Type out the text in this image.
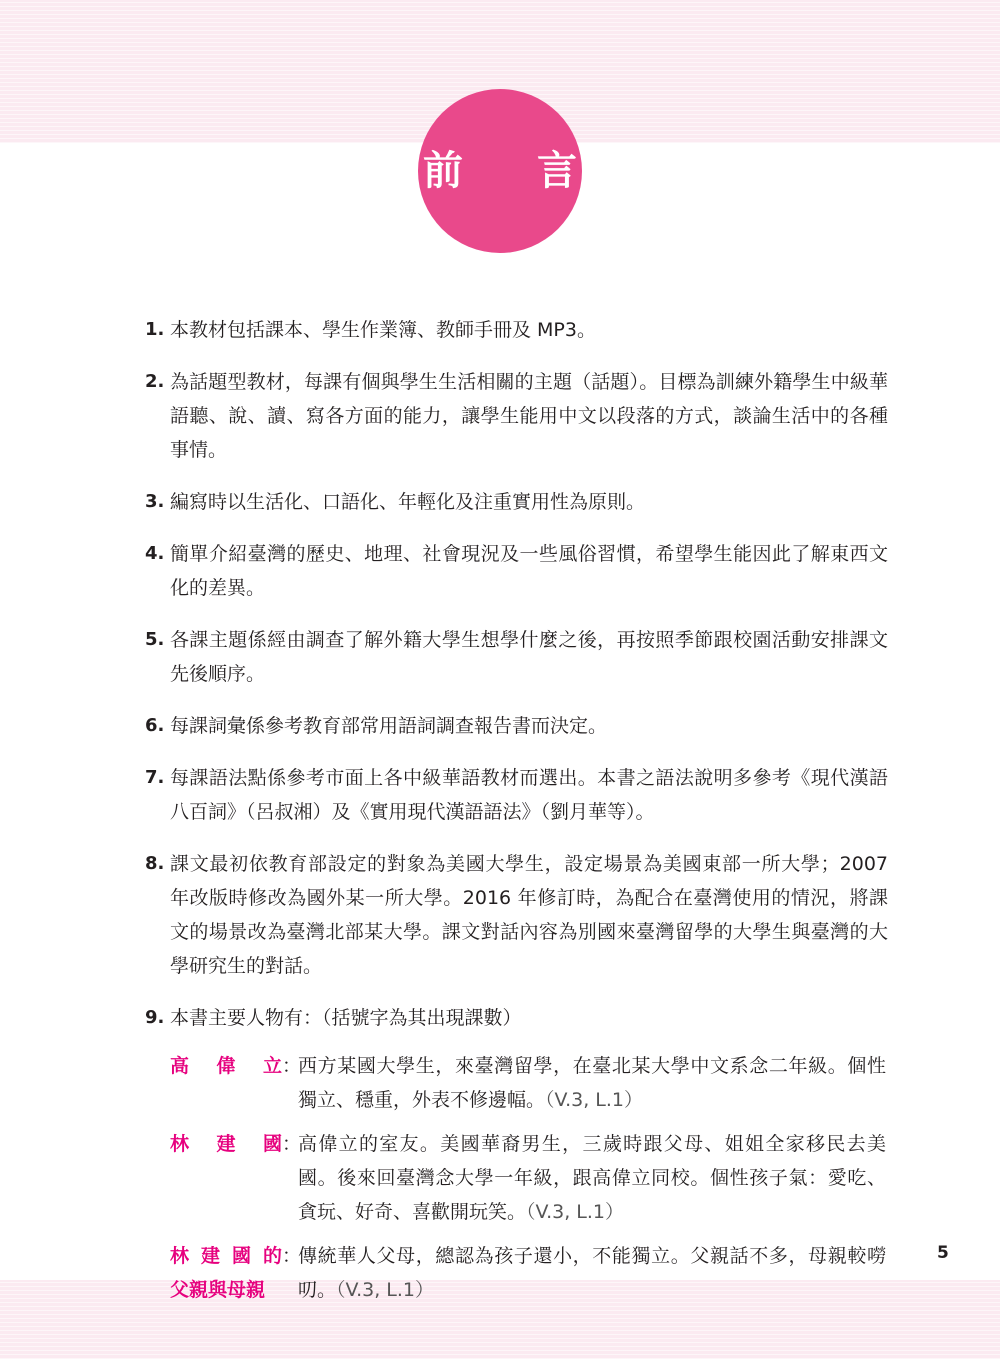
前 言
1. 本教材包括課本、學生作業簿、教師手冊及 MP3。
2. 為話題型教材，每課有個與學生生活相關的主題（話題）。目標為訓練外籍學生中級華語聽、說、讀、寫各方面的能力，讓學生能用中文以段落的方式，談論生活中的各種事情。
3. 編寫時以生活化、口語化、年輕化及注重實用性為原則。
4. 簡單介紹臺灣的歷史、地理、社會現況及一些風俗習慣，希望學生能因此了解東西文化的差異。
5. 各課主題係經由調查了解外籍大學生想學什麼之後，再按照季節跟校園活動安排課文先後順序。
6. 每課詞彙係參考教育部常用語詞調查報告書而決定。
7. 每課語法點係參考市面上各中級華語教材而選出。本書之語法說明多參考《現代漢語八百詞》（呂叔湘）及《實用現代漢語語法》（劉月華等）。
8. 課文最初依教育部設定的對象為美國大學生，設定場景為美國東部一所大學；2007 年改版時修改為國外某一所大學。2016 年修訂時，為配合在臺灣使用的情況，將課文的場景改為臺灣北部某大學。課文對話內容為別國來臺灣留學的大學生與臺灣的大學研究生的對話。
9. 本書主要人物有：（括號字為其出現課數）
高 偉 立 ：
西方某國大學生，來臺灣留學，在臺北某大學中文系念二年級。個性獨立、穩重，外表不修邊幅。（V.3, L.1）
林 建 國 ：
高偉立的室友。美國華裔男生，三歲時跟父母、姐姐全家移民去美國。後來回臺灣念大學一年級，跟高偉立同校。個性孩子氣：愛吃、貪玩、好奇、喜歡開玩笑。（V.3, L.1）
林 建 國 的
父親與母親
：
傳統華人父母，總認為孩子還小，不能獨立。父親話不多，母親較嘮叨。（V.3, L.1）
5
